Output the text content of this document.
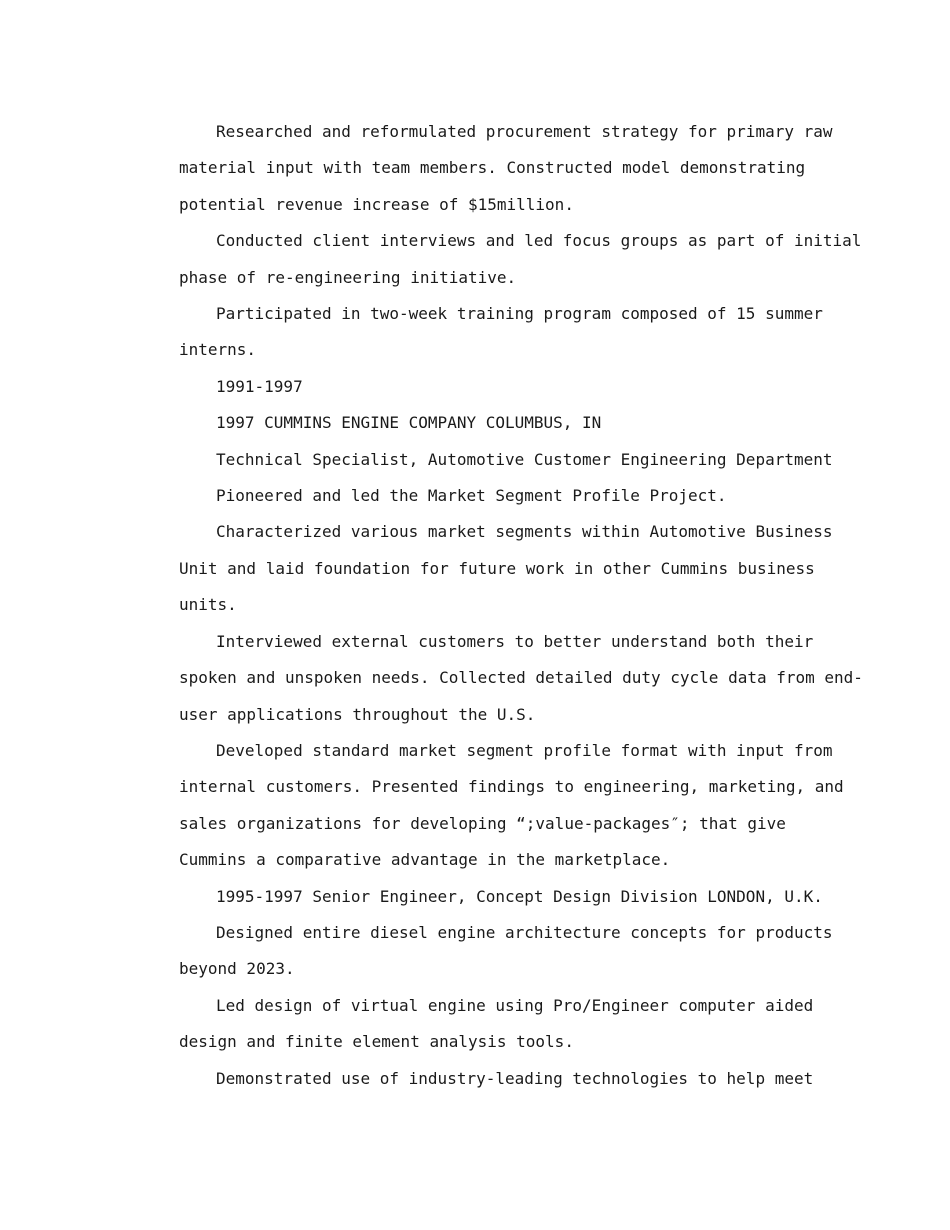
Researched and reformulated procurement strategy for primary raw
material input with team members. Constructed model demonstrating
potential revenue increase of $15million.

Conducted client interviews and led focus groups as part of initial
phase of re-engineering initiative.

Participated in two-week training program composed of 15 summer
interns.

1991-1997

1997 CUMMINS ENGINE COMPANY COLUMBUS, IN

Technical Specialist, Automotive Customer Engineering Department

Pioneered and led the Market Segment Profile Project.

Characterized various market segments within Automotive Business
Unit and laid foundation for future work in other Cummins business
units.

Interviewed external customers to better understand both their
spoken and unspoken needs. Collected detailed duty cycle data from end-
user applications throughout the U.S.

Developed standard market segment profile format with input from
internal customers. Presented findings to engineering, marketing, and
sales organizations for developing “;value-packages″; that give
Cummins a comparative advantage in the marketplace.

1995-1997 Senior Engineer, Concept Design Division LONDON, U.K.

Designed entire diesel engine architecture concepts for products
beyond 2023.

Led design of virtual engine using Pro/Engineer computer aided
design and finite element analysis tools.

Demonstrated use of industry-leading technologies to help meet
